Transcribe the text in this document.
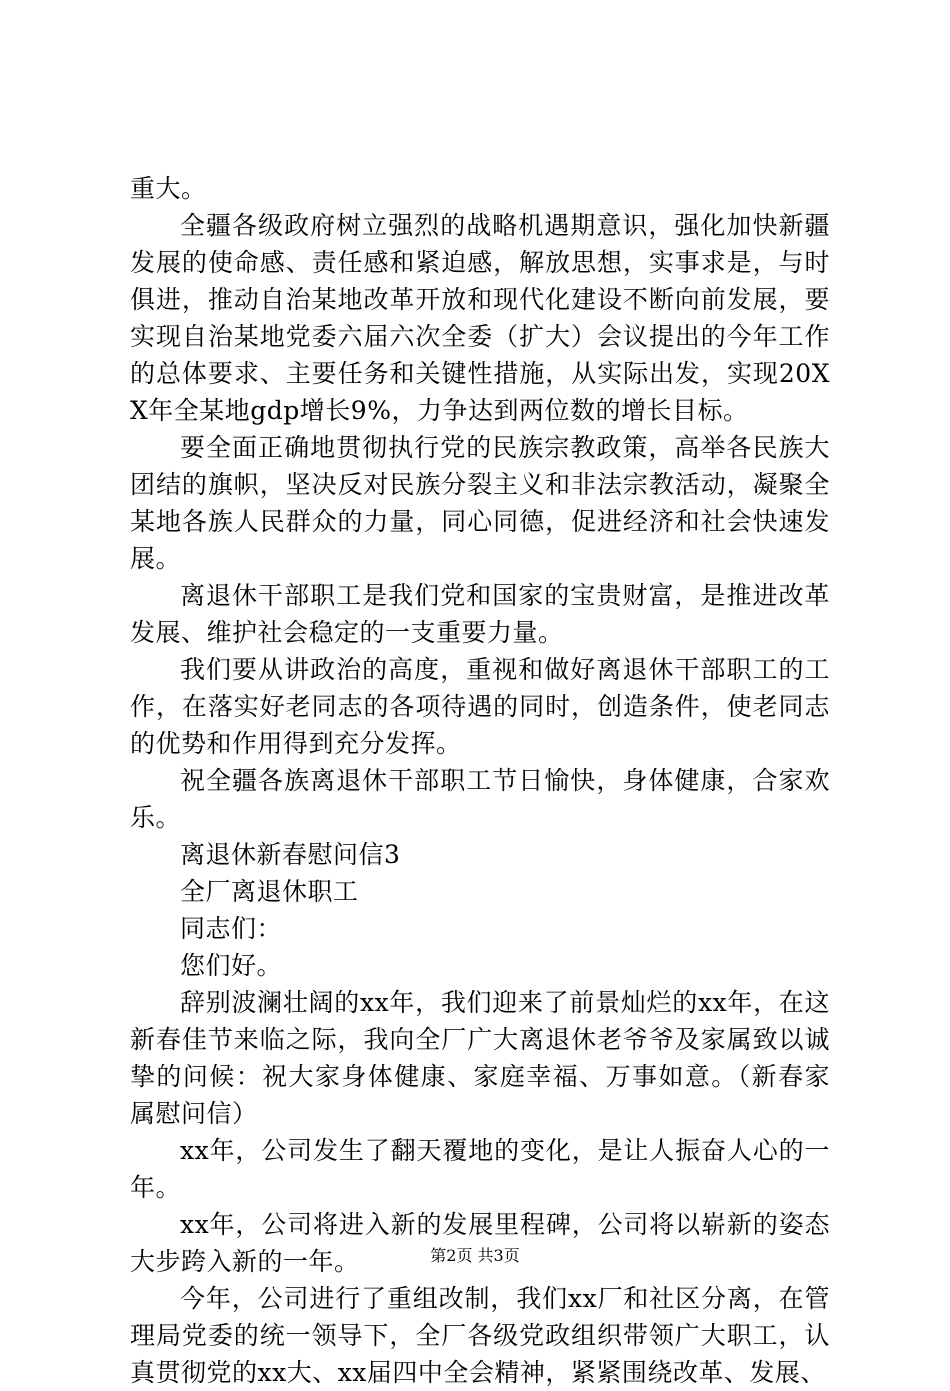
重大。

全疆各级政府树立强烈的战略机遇期意识，强化加快新疆发展的使命感、责任感和紧迫感，解放思想，实事求是，与时俱进，推动自治某地改革开放和现代化建设不断向前发展，要实现自治某地党委六届六次全委（扩大）会议提出的今年工作的总体要求、主要任务和关键性措施，从实际出发，实现20XX年全某地gdp增长9%，力争达到两位数的增长目标。

要全面正确地贯彻执行党的民族宗教政策，高举各民族大团结的旗帜，坚决反对民族分裂主义和非法宗教活动，凝聚全某地各族人民群众的力量，同心同德，促进经济和社会快速发展。

离退休干部职工是我们党和国家的宝贵财富，是推进改革发展、维护社会稳定的一支重要力量。

我们要从讲政治的高度，重视和做好离退休干部职工的工作，在落实好老同志的各项待遇的同时，创造条件，使老同志的优势和作用得到充分发挥。

祝全疆各族离退休干部职工节日愉快，身体健康，合家欢乐。

离退休新春慰问信3

全厂离退休职工

同志们：

您们好。

辞别波澜壮阔的xx年，我们迎来了前景灿烂的xx年，在这新春佳节来临之际，我向全厂广大离退休老爷爷及家属致以诚挚的问候：祝大家身体健康、家庭幸福、万事如意。（新春家属慰问信）

xx年，公司发生了翻天覆地的变化，是让人振奋人心的一年。

xx年，公司将进入新的发展里程碑，公司将以崭新的姿态大步跨入新的一年。

今年，公司进行了重组改制，我们xx厂和社区分离，在管理局党委的统一领导下，全厂各级党政组织带领广大职工，认真贯彻党的xx大、xx届四中全会精神，紧紧围绕改革、发展、

第2页 共3页
